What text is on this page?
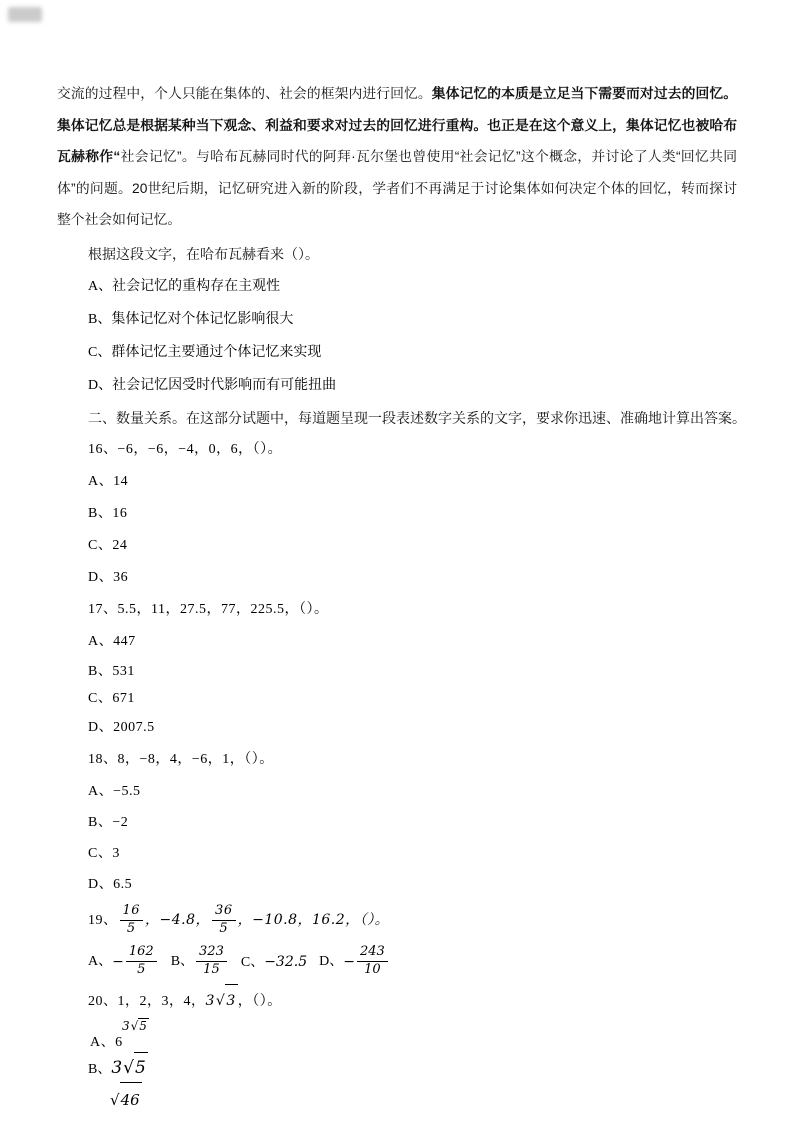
交流的过程中，个人只能在集体的、社会的框架内进行回忆。集体记忆的本质是立足当下需要而对过去的回忆。集体记忆总是根据某种当下观念、利益和要求对过去的回忆进行重构。也正是在这个意义上，集体记忆也被哈布瓦赫称作“社会记忆”。与哈布瓦赫同时代的阿拜·瓦尔堡也曾使用“社会记忆”这个概念，并讨论了人类“回忆共同体”的问题。20世纪后期，记忆研究进入新的阶段，学者们不再满足于讨论集体如何决定个体的回忆，转而探讨整个社会如何记忆。

根据这段文字，在哈布瓦赫看来（）。
A、社会记忆的重构存在主观性
B、集体记忆对个体记忆影响很大
C、群体记忆主要通过个体记忆来实现
D、社会记忆因受时代影响而有可能扭曲
二、数量关系。在这部分试题中，每道题呈现一段表述数字关系的文字，要求你迅速、准确地计算出答案。
16、−6，−6，−4，0，6，（）。
A、14
B、16
C、24
D、36
17、5.5，11，27.5，77，225.5，（）。
A、447
B、531
C、671
D、2007.5
18、8，−8，4，−6，1，（）。
A、−5.5
B、−2
C、3
D、6.5
19、 $\frac{16}{5}$ ，−4.8， $\frac{36}{5}$ ，−10.8，16.2，（）。
A、− $\frac{162}{5}$ B、 $\frac{323}{15}$ C、−32.5 D、− $\frac{243}{10}$
20、1，2，3，4， 3 √ 3 ，（）。
3 √ 5
A、6
B、 3 √ 5
√ 46
